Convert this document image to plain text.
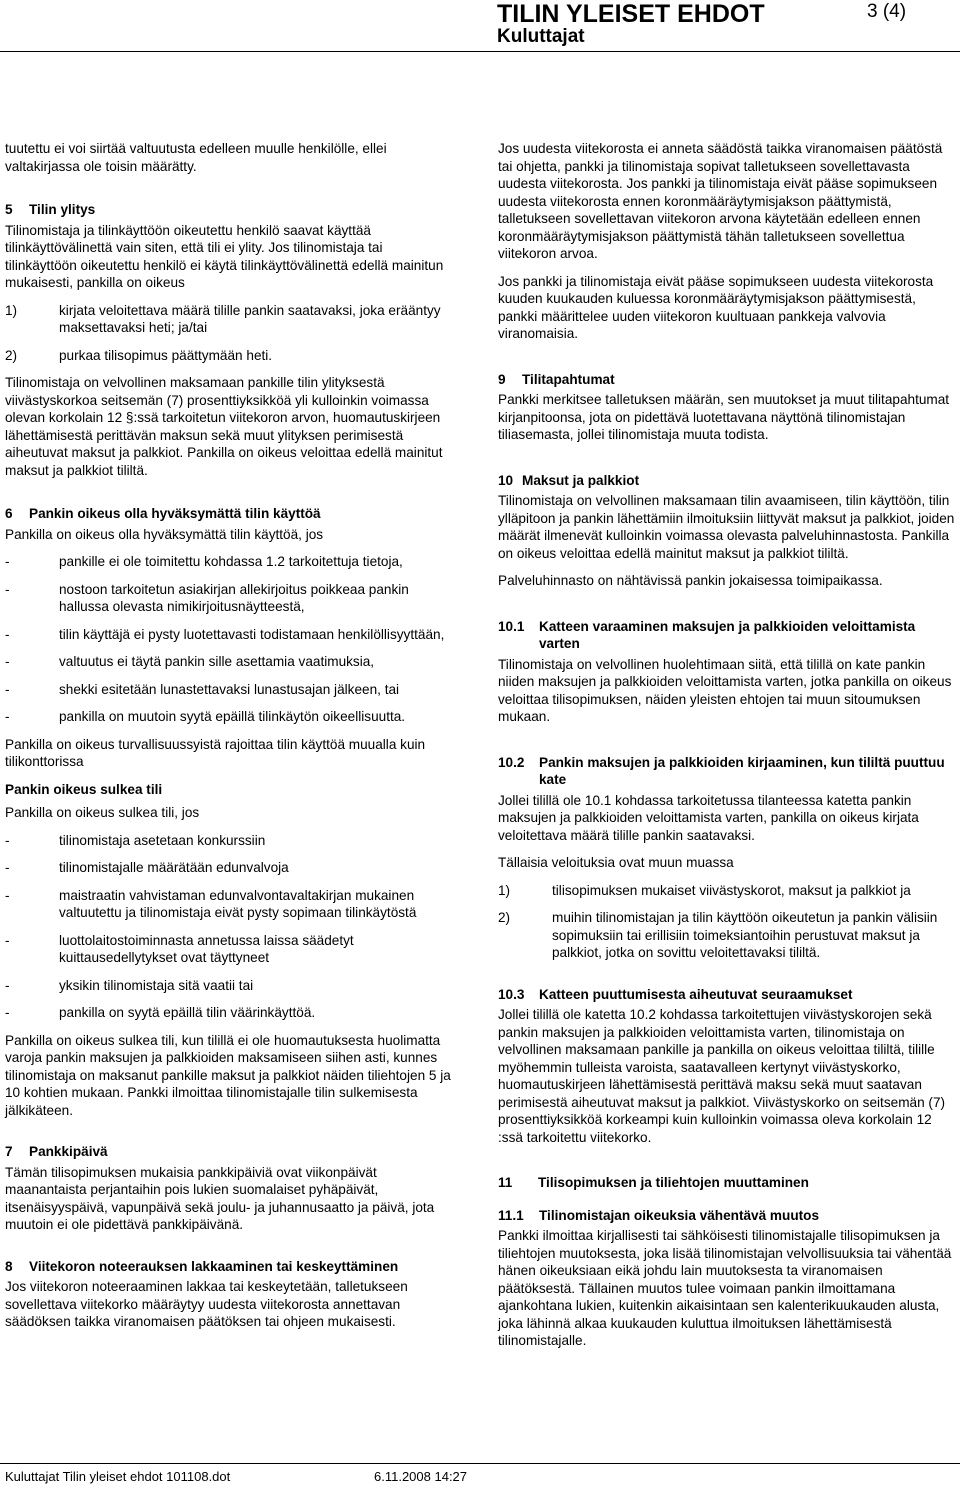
TILIN YLEISET EHDOT
Kuluttajat
3 (4)

tuutettu ei voi siirtää valtuutusta edelleen muulle henkilölle, ellei valtakirjassa ole toisin määrätty.

5	Tilin ylitys

Tilinomistaja ja tilinkäyttöön oikeutettu henkilö saavat käyttää tilinkäyttövälinettä vain siten, että tili ei ylity. Jos tilinomistaja tai tilinkäyttöön oikeutettu henkilö ei käytä tilinkäyttövälinettä edellä mainitun mukaisesti, pankilla on oikeus

1)	kirjata veloitettava määrä tilille pankin saatavaksi, joka erääntyy maksettavaksi heti; ja/tai
2)	purkaa tilisopimus päättymään heti.

Tilinomistaja on velvollinen maksamaan pankille tilin ylityksestä viivästyskorkoa seitsemän (7) prosenttiyksikköä yli kulloinkin voimassa olevan korkolain 12 §:ssä tarkoitetun viitekoron arvon, huomautuskirjeen lähettämisestä perittävän maksun sekä muut ylityksen perimisestä aiheutuvat maksut ja palkkiot. Pankilla on oikeus veloittaa edellä mainitut maksut ja palkkiot tililtä.

6	Pankin oikeus olla hyväksymättä tilin käyttöä

Pankilla on oikeus olla hyväksymättä tilin käyttöä, jos

-	pankille ei ole toimitettu kohdassa 1.2 tarkoitettuja tietoja,
-	nostoon tarkoitetun asiakirjan allekirjoitus poikkeaa pankin hallussa olevasta nimikirjoitusnäytteestä,
-	tilin käyttäjä ei pysty luotettavasti todistamaan henkilöllisyyttään,
-	valtuutus ei täytä pankin sille asettamia vaatimuksia,
-	shekki esitetään lunastettavaksi lunastusajan jälkeen, tai
-	pankilla on muutoin syytä epäillä tilinkäytön oikeellisuutta.

Pankilla on oikeus turvallisuussyistä rajoittaa tilin käyttöä muualla kuin tilikonttorissa

Pankin oikeus sulkea tili

Pankilla on oikeus sulkea tili, jos

-	tilinomistaja asetetaan konkurssiin
-	tilinomistajalle määrätään edunvalvoja
-	maistraatin vahvistaman edunvalvontavaltakirjan mukainen valtuutettu ja tilinomistaja eivät pysty sopimaan tilinkäytöstä
-	luottolaitostoiminnasta annetussa laissa säädetyt kuittausedellytykset ovat täyttyneet
-	yksikin tilinomistaja sitä vaatii tai
-	pankilla on syytä epäillä tilin väärinkäyttöä.

Pankilla on oikeus sulkea tili, kun tilillä ei ole huomautuksesta huolimatta varoja pankin maksujen ja palkkioiden maksamiseen siihen asti, kunnes tilinomistaja on maksanut pankille maksut ja palkkiot näiden tiliehtojen 5 ja 10 kohtien mukaan. Pankki ilmoittaa tilinomistajalle tilin sulkemisesta jälkikäteen.

7	Pankkipäivä

Tämän tilisopimuksen mukaisia pankkipäiviä ovat viikonpäivät maanantaista perjantaihin pois lukien suomalaiset pyhäpäivät, itsenäisyyspäivä, vapunpäivä sekä joulu- ja juhannusaatto ja päivä, jota muutoin ei ole pidettävä pankkipäivänä.

8	Viitekoron noteerauksen lakkaaminen tai keskeyttäminen

Jos viitekoron noteeraaminen lakkaa tai keskeytetään, talletukseen sovellettava viitekorko määräytyy uudesta viitekorosta annettavan säädöksen taikka viranomaisen päätöksen tai ohjeen mukaisesti.

Jos uudesta viitekorosta ei anneta säädöstä taikka viranomaisen päätöstä tai ohjetta, pankki ja tilinomistaja sopivat talletukseen sovellettavasta uudesta viitekorosta. Jos pankki ja tilinomistaja eivät pääse sopimukseen uudesta viitekorosta ennen koronmääräytymisjakson päättymistä, talletukseen sovellettavan viitekoron arvona käytetään edelleen ennen koronmääräytymisjakson päättymistä tähän talletukseen sovellettua viitekoron arvoa.

Jos pankki ja tilinomistaja eivät pääse sopimukseen uudesta viitekorosta kuuden kuukauden kuluessa koronmääräytymisjakson päättymisestä, pankki määrittelee uuden viitekoron kuultuaan pankkeja valvovia viranomaisia.

9	Tilitapahtumat

Pankki merkitsee talletuksen määrän, sen muutokset ja muut tilitapahtumat kirjanpitoonsa, jota on pidettävä luotettavana näyttönä tilinomistajan tiliasemasta, jollei tilinomistaja muuta todista.

10 Maksut ja palkkiot

Tilinomistaja on velvollinen maksamaan tilin avaamiseen, tilin käyttöön, tilin ylläpitoon ja pankin lähettämiin ilmoituksiin liittyvät maksut ja palkkiot, joiden määrät ilmenevät kulloinkin voimassa olevasta palveluhinnastosta. Pankilla on oikeus veloittaa edellä mainitut maksut ja palkkiot tililtä.

Palveluhinnasto on nähtävissä pankin jokaisessa toimipaikassa.

10.1	Katteen varaaminen maksujen ja palkkioiden veloittamista varten

Tilinomistaja on velvollinen huolehtimaan siitä, että tilillä on kate pankin niiden maksujen ja palkkioiden veloittamista varten, jotka pankilla on oikeus veloittaa tilisopimuksen, näiden yleisten ehtojen tai muun sitoumuksen mukaan.

10.2	Pankin maksujen ja palkkioiden kirjaaminen, kun tililtä puuttuu kate

Jollei tilillä ole 10.1 kohdassa tarkoitetussa tilanteessa katetta pankin maksujen ja palkkioiden veloittamista varten, pankilla on oikeus kirjata veloitettava määrä tilille pankin saatavaksi.

Tällaisia veloituksia ovat muun muassa

1)	tilisopimuksen mukaiset viivästyskorot, maksut ja palkkiot ja
2)	muihin tilinomistajan ja tilin käyttöön oikeutetun ja pankin välisiin sopimuksiin tai erillisiin toimeksiantoihin perustuvat maksut ja palkkiot, jotka on sovittu veloitettavaksi tililtä.
10.3	Katteen puuttumisesta aiheutuvat seuraamukset

Jollei tilillä ole katetta 10.2 kohdassa tarkoitettujen viivästyskorojen sekä pankin maksujen ja palkkioiden veloittamista varten, tilinomistaja on velvollinen maksamaan pankille ja pankilla on oikeus veloittaa tililtä, tilille myöhemmin tulleista varoista, saatavalleen kertynyt viivästyskorko, huomautuskirjeen lähettämisestä perittävä maksu sekä muut saatavan perimisestä aiheutuvat maksut ja palkkiot. Viivästyskorko on seitsemän (7) prosenttiyksikköä korkeampi kuin kulloinkin voimassa oleva korkolain 12 :ssä tarkoitettu viitekorko.

11	Tilisopimuksen ja tiliehtojen muuttaminen
11.1	Tilinomistajan oikeuksia vähentävä muutos

Pankki ilmoittaa kirjallisesti tai sähköisesti tilinomistajalle tilisopimuksen ja tiliehtojen muutoksesta, joka lisää tilinomistajan velvollisuuksia tai vähentää hänen oikeuksiaan eikä johdu lain muutoksesta ta viranomaisen päätöksestä. Tällainen muutos tulee voimaan pankin ilmoittamana ajankohtana lukien, kuitenkin aikaisintaan sen kalenterikuukauden alusta, joka lähinnä alkaa kuukauden kuluttua ilmoituksen lähettämisestä tilinomistajalle.

Kuluttajat Tilin yleiset ehdot 101108.dot	6.11.2008 14:27
